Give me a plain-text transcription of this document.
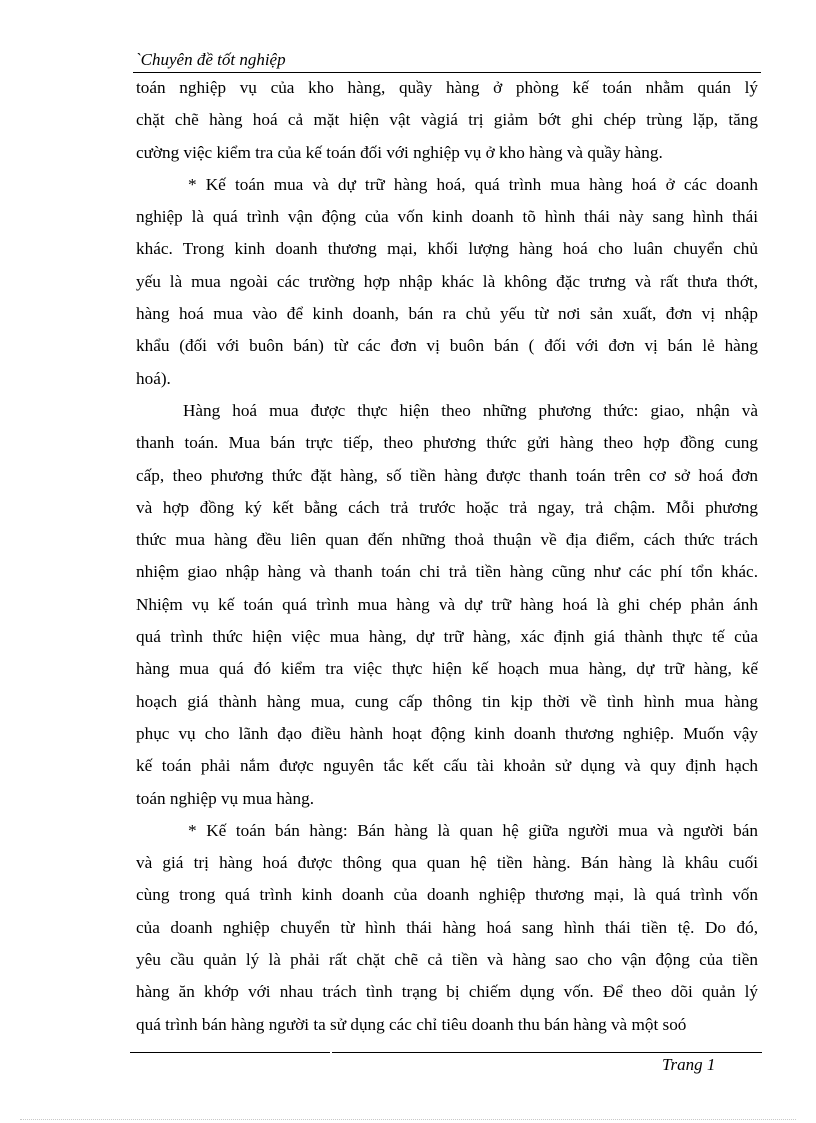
`Chuyên đề tốt nghiệp
toán nghiệp vụ của kho hàng, quầy hàng ở phòng kế toán nhằm quán lý
chặt chẽ hàng hoá cả mặt hiện vật vàgiá trị giảm bớt ghi chép trùng lặp, tăng
cường việc kiểm tra của kế toán đối với nghiệp vụ ở kho hàng và quầy hàng.
* Kế toán mua và dự trữ hàng hoá, quá trình mua hàng hoá ở các doanh
nghiệp là quá trình vận động của vốn kinh doanh tõ hình thái này sang hình thái
khác. Trong kinh doanh thương mại, khối lượng hàng hoá cho luân chuyển chủ
yếu là mua ngoài các trường hợp nhập khác là không đặc trưng và rất thưa thớt,
hàng hoá mua vào để kinh doanh, bán ra chủ yếu từ nơi sản xuất, đơn vị nhập
khẩu (đối với buôn bán) từ các đơn vị buôn bán ( đối với đơn vị bán lẻ hàng
hoá).
Hàng hoá mua được thực hiện theo những phương thức: giao, nhận và
thanh toán. Mua bán trực tiếp, theo phương thức gửi hàng theo hợp đồng cung
cấp, theo phương thức đặt hàng, số tiền hàng được thanh toán trên cơ sở hoá đơn
và hợp đồng ký kết bằng cách trả trước hoặc trả ngay, trả chậm. Mỗi phương
thức mua hàng đều liên quan đến những thoả thuận về địa điểm, cách thức trách
nhiệm giao nhập hàng và thanh toán chi trả tiền hàng cũng như các phí tổn khác.
Nhiệm vụ kế toán quá trình mua hàng và dự trữ hàng hoá là ghi chép phản ánh
quá trình thức hiện việc mua hàng, dự trữ hàng, xác định giá thành thực tế của
hàng mua quá đó kiểm tra việc thực hiện kế hoạch mua hàng, dự trữ hàng, kế
hoạch giá thành hàng mua, cung cấp thông tin kịp thời về tình hình mua hàng
phục vụ cho lãnh đạo điều hành hoạt động kinh doanh thương nghiệp. Muốn vậy
kế toán phải nắm được nguyên tắc kết cấu tài khoản sử dụng và quy định hạch
toán nghiệp vụ mua hàng.
* Kế toán bán hàng: Bán hàng là quan hệ giữa người mua và người bán
và giá trị hàng hoá được thông qua quan hệ tiền hàng. Bán hàng là khâu cuối
cùng trong quá trình kinh doanh của doanh nghiệp thương mại, là quá trình vốn
của doanh nghiệp chuyển từ hình thái hàng hoá sang hình thái tiền tệ. Do đó,
yêu cầu quản lý là phải rất chặt chẽ cả tiền và hàng sao cho vận động của tiền
hàng ăn khớp với nhau trách tình trạng bị chiếm dụng vốn. Để theo dõi quản lý
quá trình bán hàng người ta sử dụng các chỉ tiêu doanh thu bán hàng và một soó
Trang 1
